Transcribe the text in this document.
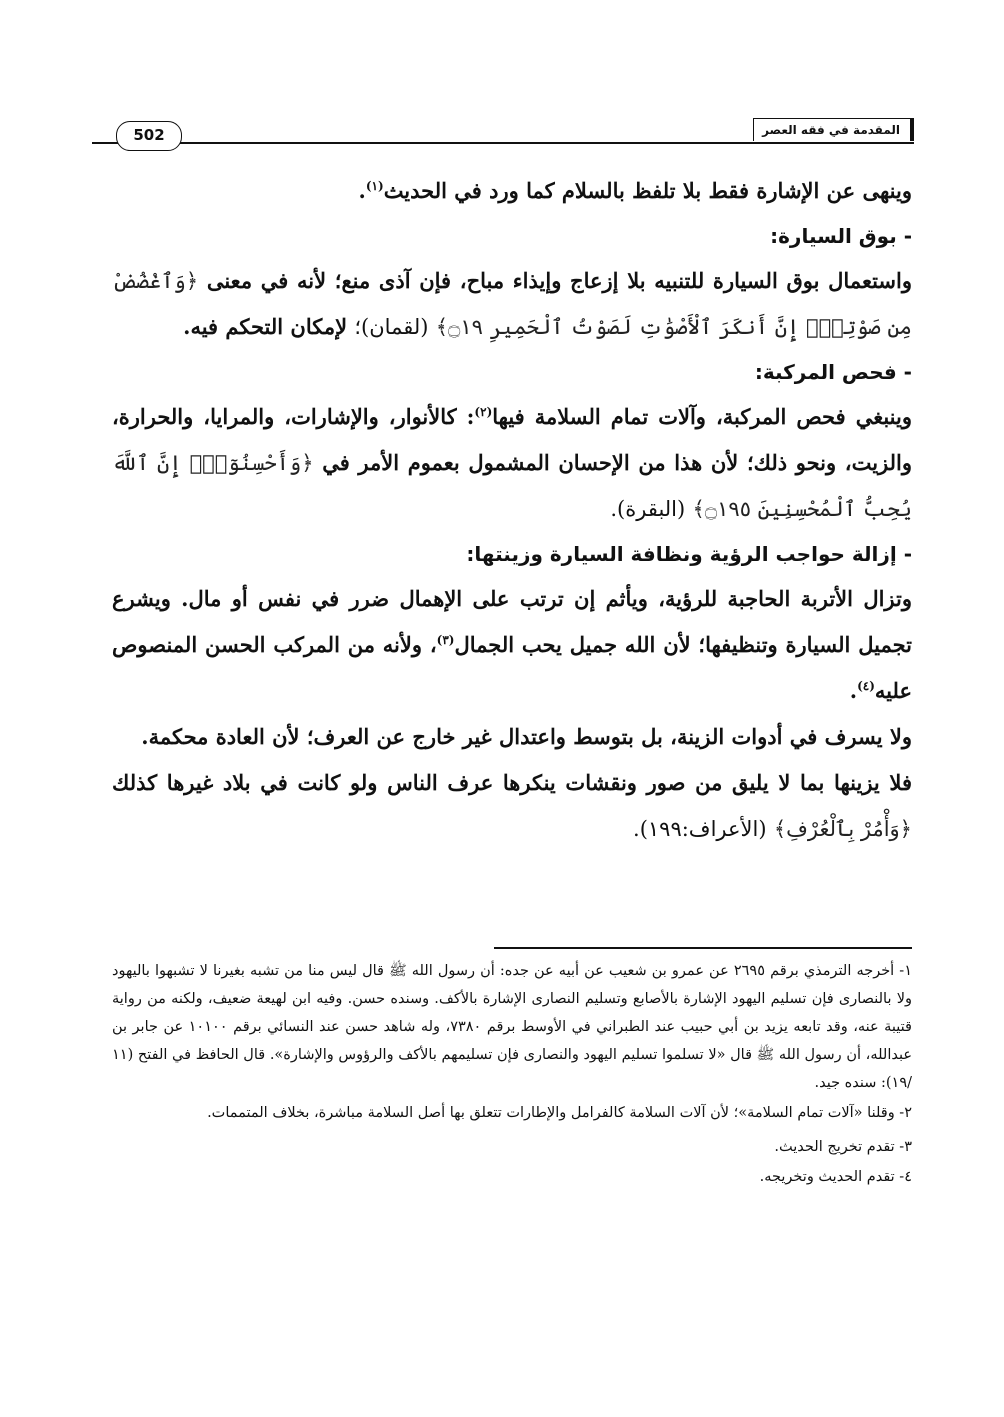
المقدمة في فقه العصر
502

وينهى عن الإشارة فقط بلا تلفظ بالسلام كما ورد في الحديث$^{(١)}$.

- بوق السيارة:

واستعمال بوق السيارة للتنبيه بلا إزعاج وإيذاء مباح، فإن آذى منع؛ لأنه في معنى ﴿وَٱغْضُضْ مِن صَوْتِكَۚ إِنَّ أَنكَرَ ٱلْأَصْوَٰتِ لَصَوْتُ ٱلْحَمِيرِ ۝١٩﴾ (لقمان)؛ لإمكان التحكم فيه.

- فحص المركبة:

وينبغي فحص المركبة، وآلات تمام السلامة فيها$^{(٢)}$: كالأنوار، والإشارات، والمرايا، والحرارة، والزيت، ونحو ذلك؛ لأن هذا من الإحسان المشمول بعموم الأمر في ﴿وَأَحْسِنُوٓاْۚ إِنَّ ٱللَّهَ يُحِبُّ ٱلْمُحْسِنِينَ ۝١٩٥﴾ (البقرة).

- إزالة حواجب الرؤية ونظافة السيارة وزينتها:

وتزال الأتربة الحاجبة للرؤية، ويأثم إن ترتب على الإهمال ضرر في نفس أو مال. ويشرع تجميل السيارة وتنظيفها؛ لأن الله جميل يحب الجمال$^{(٣)}$، ولأنه من المركب الحسن المنصوص عليه$^{(٤)}$.

ولا يسرف في أدوات الزينة، بل بتوسط واعتدال غير خارج عن العرف؛ لأن العادة محكمة.

فلا يزينها بما لا يليق من صور ونقشات ينكرها عرف الناس ولو كانت في بلاد غيرها كذلك ﴿وَأْمُرْ بِٱلْعُرْفِ﴾ (الأعراف:١٩٩).

١- أخرجه الترمذي برقم ٢٦٩٥ عن عمرو بن شعيب عن أبيه عن جده: أن رسول الله ﷺ قال ليس منا من تشبه بغيرنا لا تشبهوا باليهود ولا بالنصارى فإن تسليم اليهود الإشارة بالأصابع وتسليم النصارى الإشارة بالأكف. وسنده حسن. وفيه ابن لهيعة ضعيف، ولكنه من رواية قتيبة عنه، وقد تابعه يزيد بن أبي حبيب عند الطبراني في الأوسط برقم ٧٣٨٠، وله شاهد حسن عند النسائي برقم ١٠١٠٠ عن جابر بن عبدالله، أن رسول الله ﷺ قال «لا تسلموا تسليم اليهود والنصارى فإن تسليمهم بالأكف والرؤوس والإشارة». قال الحافظ في الفتح (١١ /١٩): سنده جيد.

٢- وقلنا «آلات تمام السلامة»؛ لأن آلات السلامة كالفرامل والإطارات تتعلق بها أصل السلامة مباشرة، بخلاف المتممات.

٣- تقدم تخريج الحديث.

٤- تقدم الحديث وتخريجه.
